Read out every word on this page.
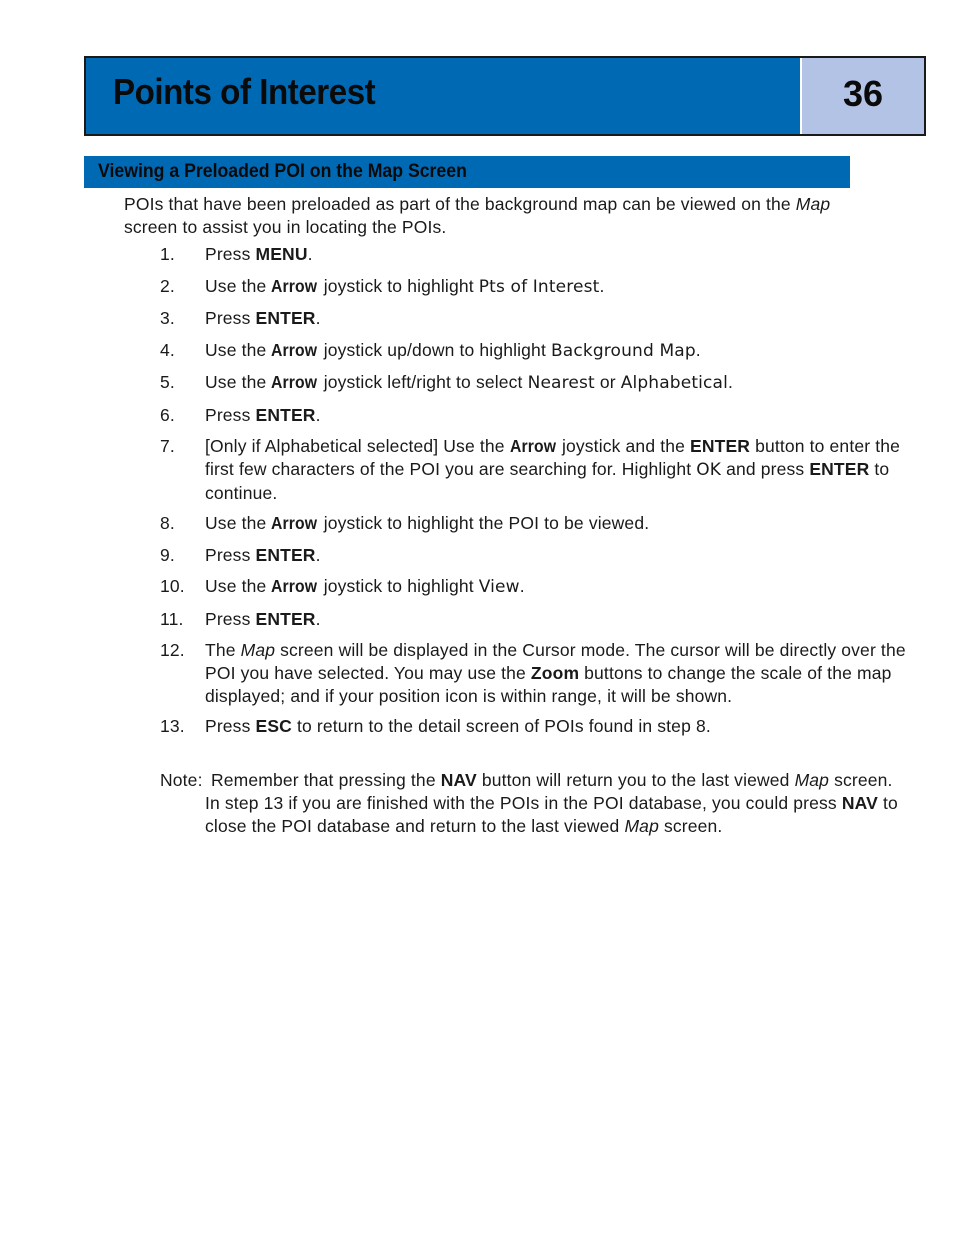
Points of Interest	36
Viewing a Preloaded POI on the Map Screen
POIs that have been preloaded as part of the background map can be viewed on the Map screen to assist you in locating the POIs.
1. Press MENU.
2. Use the Arrow joystick to highlight Pts of Interest.
3. Press ENTER.
4. Use the Arrow joystick up/down to highlight Background Map.
5. Use the Arrow joystick left/right to select Nearest or Alphabetical.
6. Press ENTER.
7. [Only if Alphabetical selected] Use the Arrow joystick and the ENTER button to enter the first few characters of the POI you are searching for. Highlight OK and press ENTER to continue.
8. Use the Arrow joystick to highlight the POI to be viewed.
9. Press ENTER.
10. Use the Arrow joystick to highlight View.
11. Press ENTER.
12. The Map screen will be displayed in the Cursor mode. The cursor will be directly over the POI you have selected. You may use the Zoom buttons to change the scale of the map displayed; and if your position icon is within range, it will be shown.
13. Press ESC to return to the detail screen of POIs found in step 8.
Note: Remember that pressing the NAV button will return you to the last viewed Map screen. In step 13 if you are finished with the POIs in the POI database, you could press NAV to close the POI database and return to the last viewed Map screen.
